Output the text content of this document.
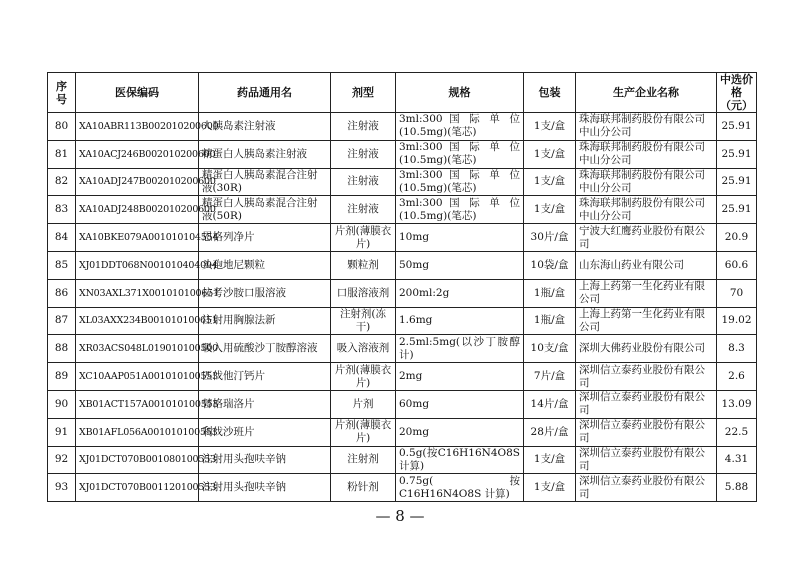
序号	医保编码	药品通用名	剂型	规格	包装	生产企业名称	中选价格（元）
80	XA10ABR113B002010200600	人胰岛素注射液	注射液	3ml:300 国 际 单 位(10.5mg)(笔芯)	1支/盒	珠海联邦制药股份有限公司中山分公司	25.91
81	XA10ACJ246B002010200600	精蛋白人胰岛素注射液	注射液	3ml:300 国 际 单 位(10.5mg)(笔芯)	1支/盒	珠海联邦制药股份有限公司中山分公司	25.91
82	XA10ADJ247B002010200600	精蛋白人胰岛素混合注射液(30R)	注射液	3ml:300 国 际 单 位(10.5mg)(笔芯)	1支/盒	珠海联邦制药股份有限公司中山分公司	25.91
83	XA10ADJ248B002010200600	精蛋白人胰岛素混合注射液(50R)	注射液	3ml:300 国 际 单 位(10.5mg)(笔芯)	1支/盒	珠海联邦制药股份有限公司中山分公司	25.91
84	XA10BKE079A001010104554	恩格列净片	片剂(薄膜衣片)	10mg	30片/盒	宁波大红鹰药业股份有限公司	20.9
85	XJ01DDT068N001010404094	头孢地尼颗粒	颗粒剂	50mg	10袋/盒	山东海山药业有限公司	60.6
86	XN03AXL371X001010100651	拉考沙胺口服溶液	口服溶液剂	200ml:2g	1瓶/盒	上海上药第一生化药业有限公司	70
87	XL03AXX234B001010100651	注射用胸腺法新	注射剂(冻干)	1.6mg	1瓶/盒	上海上药第一生化药业有限公司	19.02
88	XR03ACS048L019010100500	吸入用硫酸沙丁胺醇溶液	吸入溶液剂	2.5ml:5mg(以沙丁胺醇计)	10支/盒	深圳大佛药业股份有限公司	8.3
89	XC10AAP051A001010100553	匹伐他汀钙片	片剂(薄膜衣片)	2mg	7片/盒	深圳信立泰药业股份有限公司	2.6
90	XB01ACT157A001010100553	替格瑞洛片	片剂	60mg	14片/盒	深圳信立泰药业股份有限公司	13.09
91	XB01AFL056A001010100553	利伐沙班片	片剂(薄膜衣片)	20mg	28片/盒	深圳信立泰药业股份有限公司	22.5
92	XJ01DCT070B001080100553	注射用头孢呋辛钠	注射剂	0.5g(按C16H16N4O8S计算)	1支/盒	深圳信立泰药业股份有限公司	4.31
93	XJ01DCT070B001120100553	注射用头孢呋辛钠	粉针剂	0.75g(按 C16H16N4O8S 计算)	1支/盒	深圳信立泰药业股份有限公司	5.88
— 8 —
